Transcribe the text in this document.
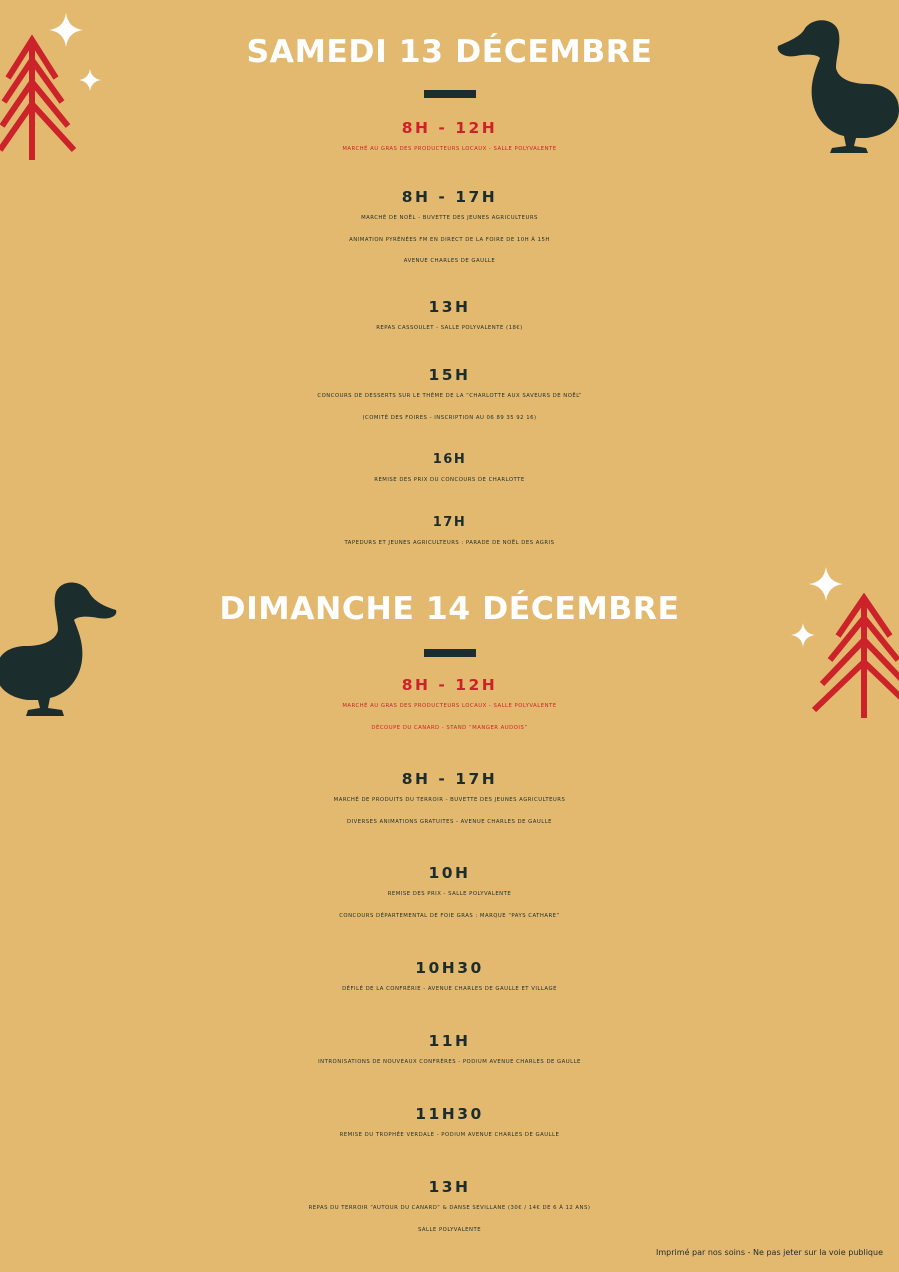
SAMEDI 13 DÉCEMBRE
8H - 12H
MARCHÉ AU GRAS DES PRODUCTEURS LOCAUX - SALLE POLYVALENTE
8H - 17H
MARCHÉ DE NOËL - BUVETTE DES JEUNES AGRICULTEURS
ANIMATION PYRÉNÉES FM EN DIRECT DE LA FOIRE DE 10H À 15H
AVENUE CHARLES DE GAULLE
13H
REPAS CASSOULET - SALLE POLYVALENTE (18€)
15H
CONCOURS DE DESSERTS SUR LE THÈME DE LA “CHARLOTTE AUX SAVEURS DE NOËL”
(COMITÉ DES FOIRES - INSCRIPTION AU 06 89 35 92 16)
16H
REMISE DES PRIX DU CONCOURS DE CHARLOTTE
17H
TAPEDURS ET JEUNES AGRICULTEURS : PARADE DE NOËL DES AGRIS
DIMANCHE 14 DÉCEMBRE
8H - 12H
MARCHÉ AU GRAS DES PRODUCTEURS LOCAUX - SALLE POLYVALENTE
DÉCOUPE DU CANARD - STAND “MANGER AUDOIS”
8H - 17H
MARCHÉ DE PRODUITS DU TERROIR - BUVETTE DES JEUNES AGRICULTEURS
DIVERSES ANIMATIONS GRATUITES - AVENUE CHARLES DE GAULLE
10H
REMISE DES PRIX - SALLE POLYVALENTE
CONCOURS DÉPARTEMENTAL DE FOIE GRAS : MARQUE “PAYS CATHARE”
10H30
DÉFILÉ DE LA CONFRÉRIE - AVENUE CHARLES DE GAULLE ET VILLAGE
11H
INTRONISATIONS DE NOUVEAUX CONFRÈRES - PODIUM AVENUE CHARLES DE GAULLE
11H30
REMISE DU TROPHÉE VERDALE - PODIUM AVENUE CHARLES DE GAULLE
13H
REPAS DU TERROIR “AUTOUR DU CANARD” & DANSE SEVILLANE (30€ / 14€ DE 6 À 12 ANS)
SALLE POLYVALENTE
Imprimé par nos soins - Ne pas jeter sur la voie publique
